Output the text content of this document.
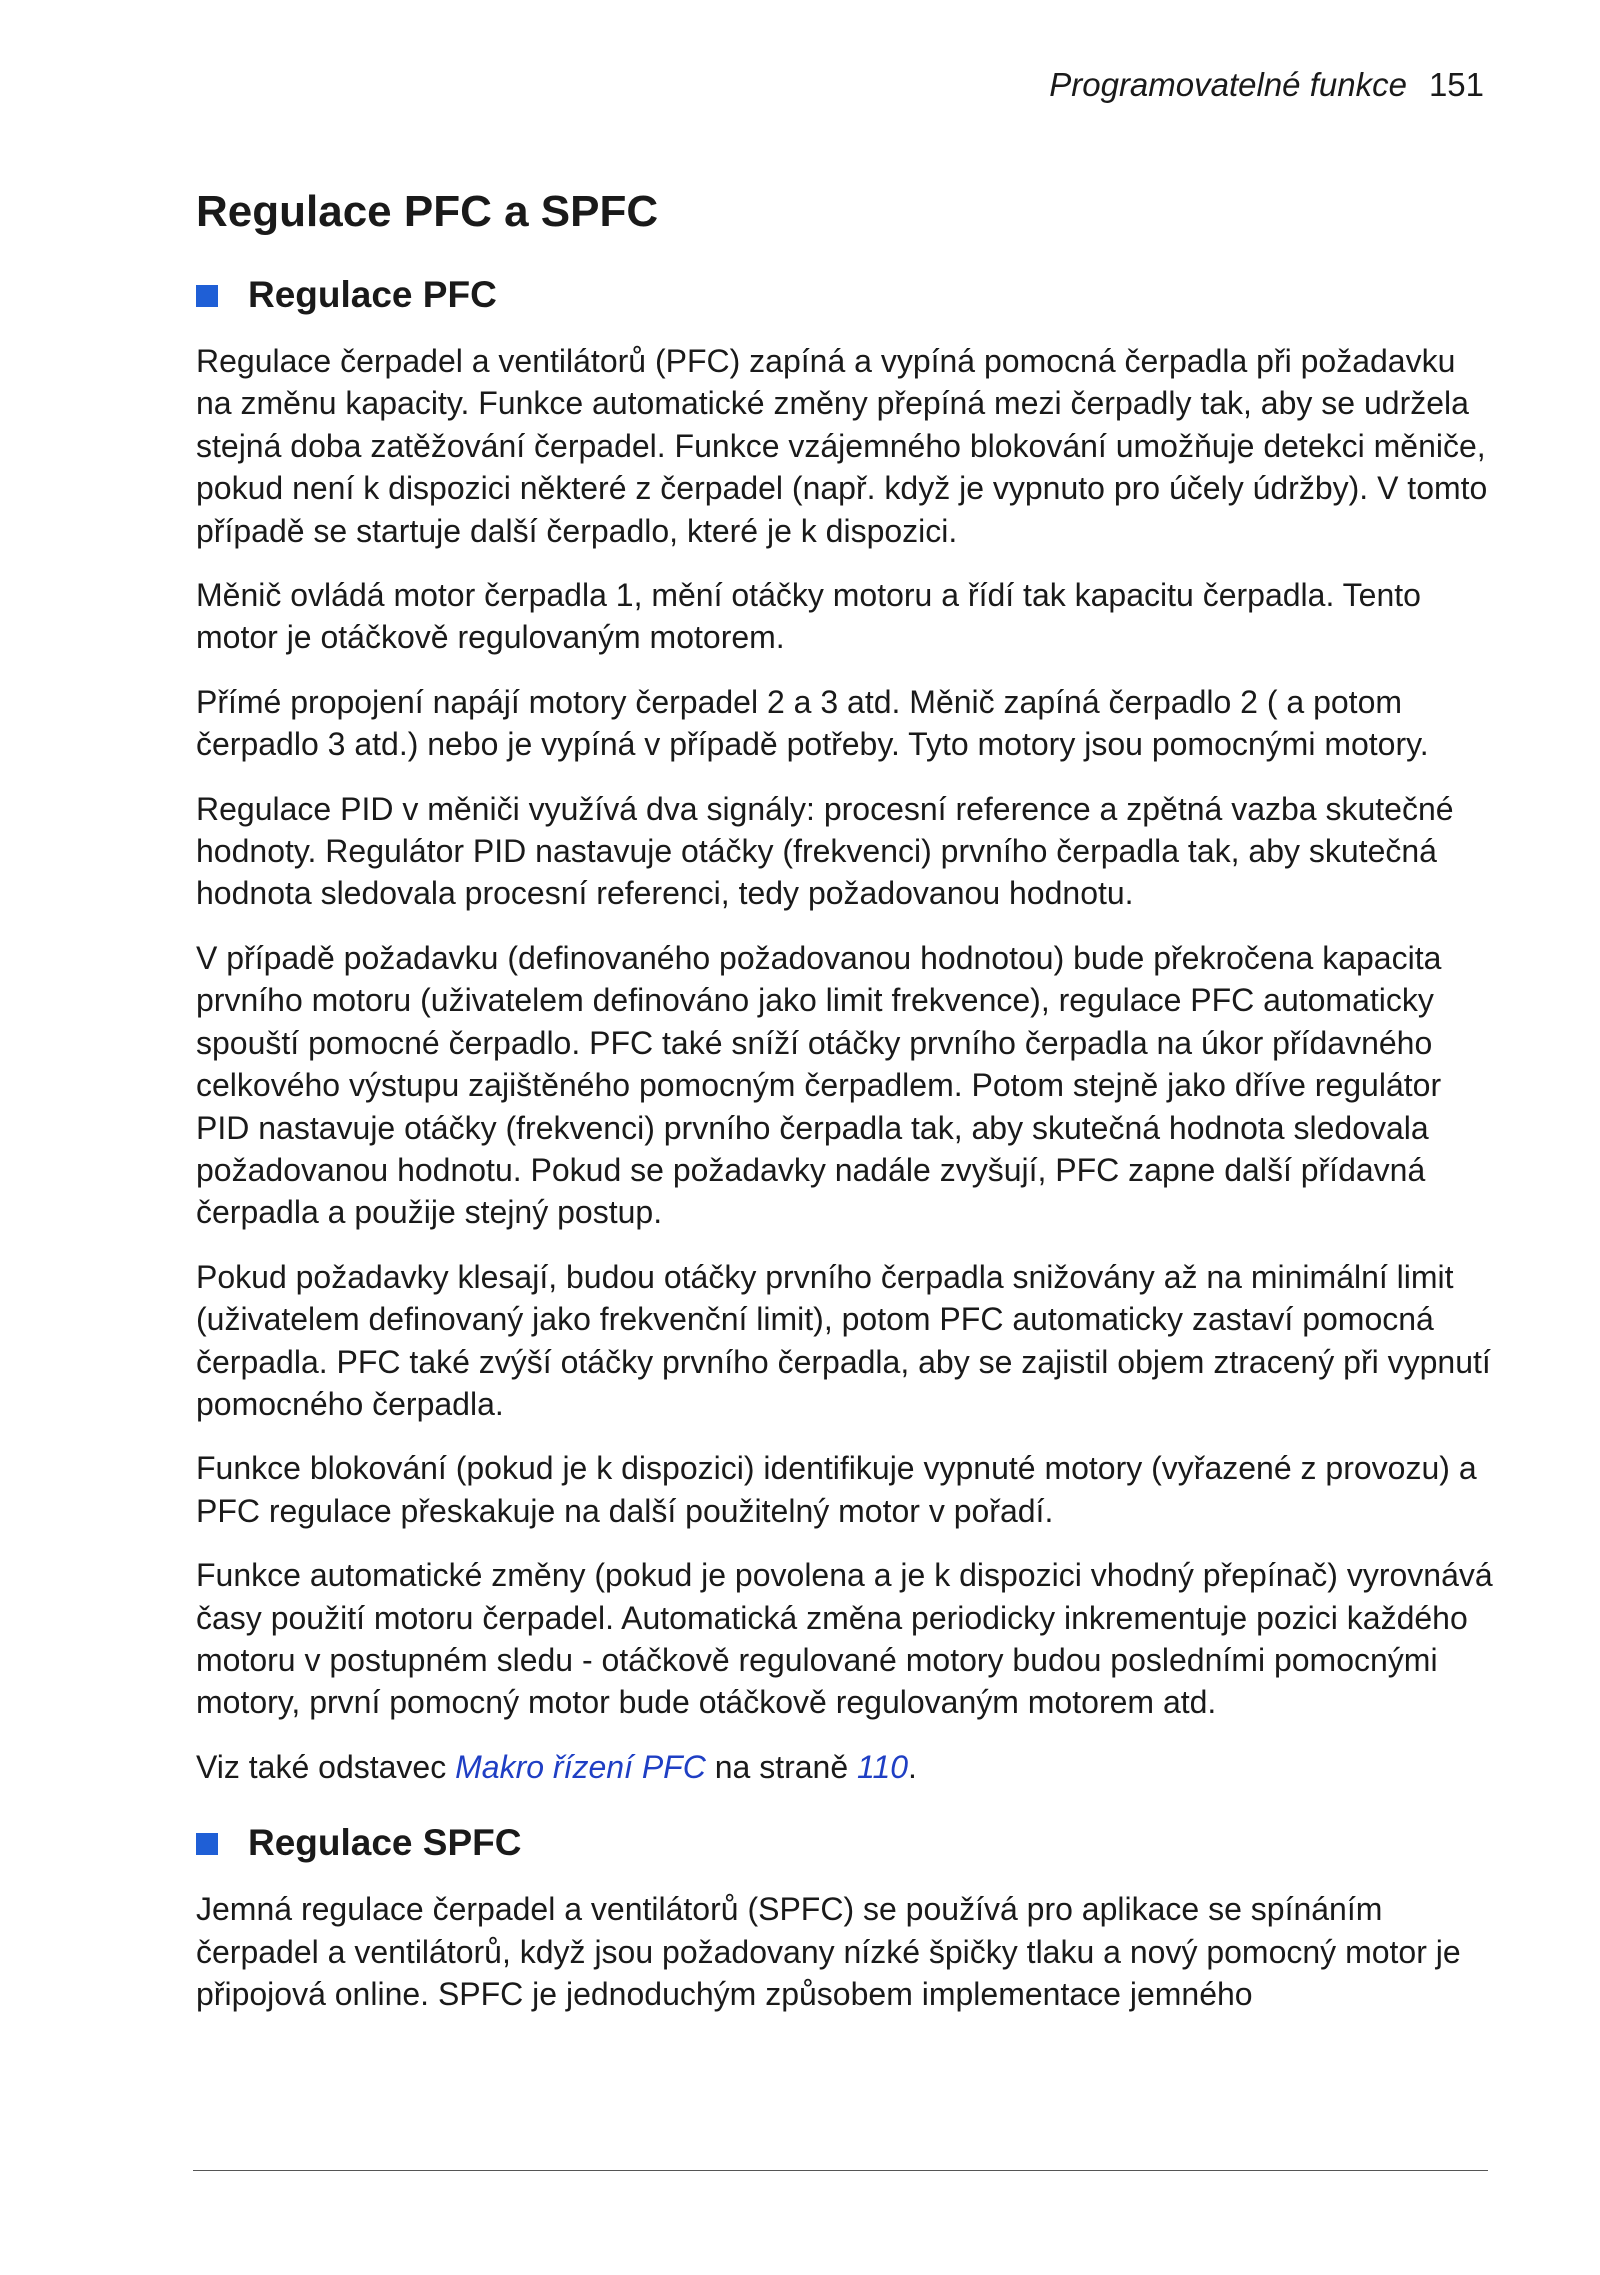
Programovatelné funkce 151
Regulace PFC a SPFC
Regulace PFC

Regulace čerpadel a ventilátorů (PFC) zapíná a vypíná pomocná čerpadla při požadavku na změnu kapacity. Funkce automatické změny přepíná mezi čerpadly tak, aby se udržela stejná doba zatěžování čerpadel. Funkce vzájemného blokování umožňuje detekci měniče, pokud není k dispozici některé z čerpadel (např. když je vypnuto pro účely údržby). V tomto případě se startuje další čerpadlo, které je k dispozici.

Měnič ovládá motor čerpadla 1, mění otáčky motoru a řídí tak kapacitu čerpadla. Tento motor je otáčkově regulovaným motorem.

Přímé propojení napájí motory čerpadel 2 a 3 atd. Měnič zapíná čerpadlo 2 ( a potom čerpadlo 3 atd.) nebo je vypíná v případě potřeby. Tyto motory jsou pomocnými motory.

Regulace PID v měniči využívá dva signály: procesní reference a zpětná vazba skutečné hodnoty. Regulátor PID nastavuje otáčky (frekvenci) prvního čerpadla tak, aby skutečná hodnota sledovala procesní referenci, tedy požadovanou hodnotu.

V případě požadavku (definovaného požadovanou hodnotou) bude překročena kapacita prvního motoru (uživatelem definováno jako limit frekvence), regulace PFC automaticky spouští pomocné čerpadlo. PFC také sníží otáčky prvního čerpadla na úkor přídavného celkového výstupu zajištěného pomocným čerpadlem. Potom stejně jako dříve regulátor PID nastavuje otáčky (frekvenci) prvního čerpadla tak, aby skutečná hodnota sledovala požadovanou hodnotu. Pokud se požadavky nadále zvyšují, PFC zapne další přídavná čerpadla a použije stejný postup.

Pokud požadavky klesají, budou otáčky prvního čerpadla snižovány až na minimální limit (uživatelem definovaný jako frekvenční limit), potom PFC automaticky zastaví pomocná čerpadla. PFC také zvýší otáčky prvního čerpadla, aby se zajistil objem ztracený při vypnutí pomocného čerpadla.

Funkce blokování (pokud je k dispozici) identifikuje vypnuté motory (vyřazené z provozu) a PFC regulace přeskakuje na další použitelný motor v pořadí.

Funkce automatické změny (pokud je povolena a je k dispozici vhodný přepínač) vyrovnává časy použití motoru čerpadel. Automatická změna periodicky inkrementuje pozici každého motoru v postupném sledu - otáčkově regulované motory budou posledními pomocnými motory, první pomocný motor bude otáčkově regulovaným motorem atd.

Viz také odstavec Makro řízení PFC na straně 110.

Regulace SPFC

Jemná regulace čerpadel a ventilátorů (SPFC) se používá pro aplikace se spínáním čerpadel a ventilátorů, když jsou požadovany nízké špičky tlaku a nový pomocný motor je připojová online. SPFC je jednoduchým způsobem implementace jemného
